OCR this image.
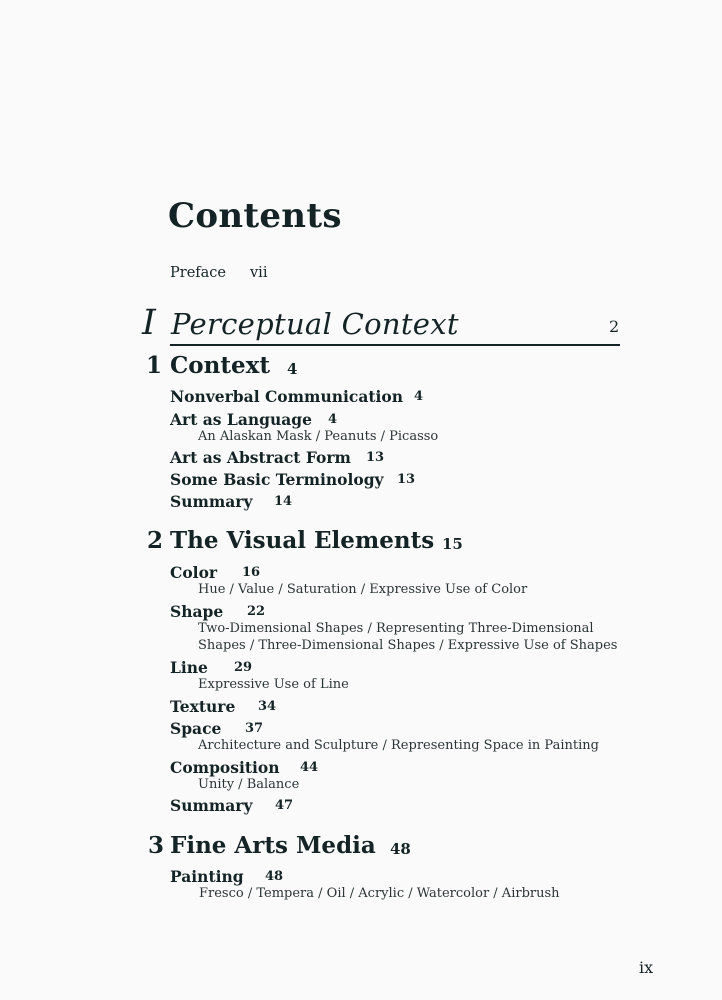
Contents
Preface vii
I Perceptual Context	2
1 Context 4
Nonverbal Communication 4
Art as Language 4
An Alaskan Mask / Peanuts / Picasso
Art as Abstract Form 13
Some Basic Terminology 13
Summary 14
2 The Visual Elements 15
Color 16
Hue / Value / Saturation / Expressive Use of Color
Shape 22
Two-Dimensional Shapes / Representing Three-Dimensional
Shapes / Three-Dimensional Shapes / Expressive Use of Shapes
Line 29
Expressive Use of Line
Texture 34
Space 37
Architecture and Sculpture / Representing Space in Painting
Composition 44
Unity / Balance
Summary 47
3 Fine Arts Media 48
Painting 48
Fresco / Tempera / Oil / Acrylic / Watercolor / Airbrush
ix
